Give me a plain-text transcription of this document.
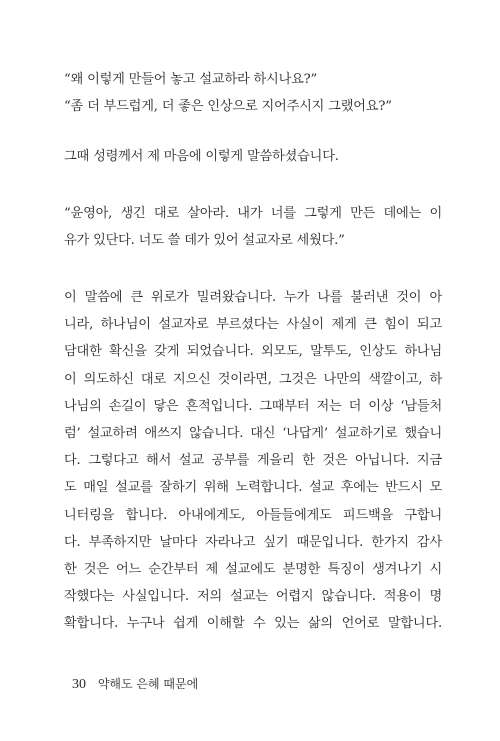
“왜 이렇게 만들어 놓고 설교하라 하시나요?”
“좀 더 부드럽게, 더 좋은 인상으로 지어주시지 그랬어요?”
그때 성령께서 제 마음에 이렇게 말씀하셨습니다.
“윤영아, 생긴 대로 살아라. 내가 너를 그렇게 만든 데에는 이
유가 있단다. 너도 쓸 데가 있어 설교자로 세웠다.”
이 말씀에 큰 위로가 밀려왔습니다. 누가 나를 불러낸 것이 아
니라, 하나님이 설교자로 부르셨다는 사실이 제게 큰 힘이 되고
담대한 확신을 갖게 되었습니다. 외모도, 말투도, 인상도 하나님
이 의도하신 대로 지으신 것이라면, 그것은 나만의 색깔이고, 하
나님의 손길이 닿은 흔적입니다. 그때부터 저는 더 이상 ‘남들처
럼’ 설교하려 애쓰지 않습니다. 대신 ‘나답게’ 설교하기로 했습니
다. 그렇다고 해서 설교 공부를 게을리 한 것은 아닙니다. 지금
도 매일 설교를 잘하기 위해 노력합니다. 설교 후에는 반드시 모
니터링을 합니다. 아내에게도, 아들들에게도 피드백을 구합니
다. 부족하지만 날마다 자라나고 싶기 때문입니다. 한가지 감사
한 것은 어느 순간부터 제 설교에도 분명한 특징이 생겨나기 시
작했다는 사실입니다. 저의 설교는 어렵지 않습니다. 적용이 명
확합니다. 누구나 쉽게 이해할 수 있는 삶의 언어로 말합니다.
30 약해도 은혜 때문에
